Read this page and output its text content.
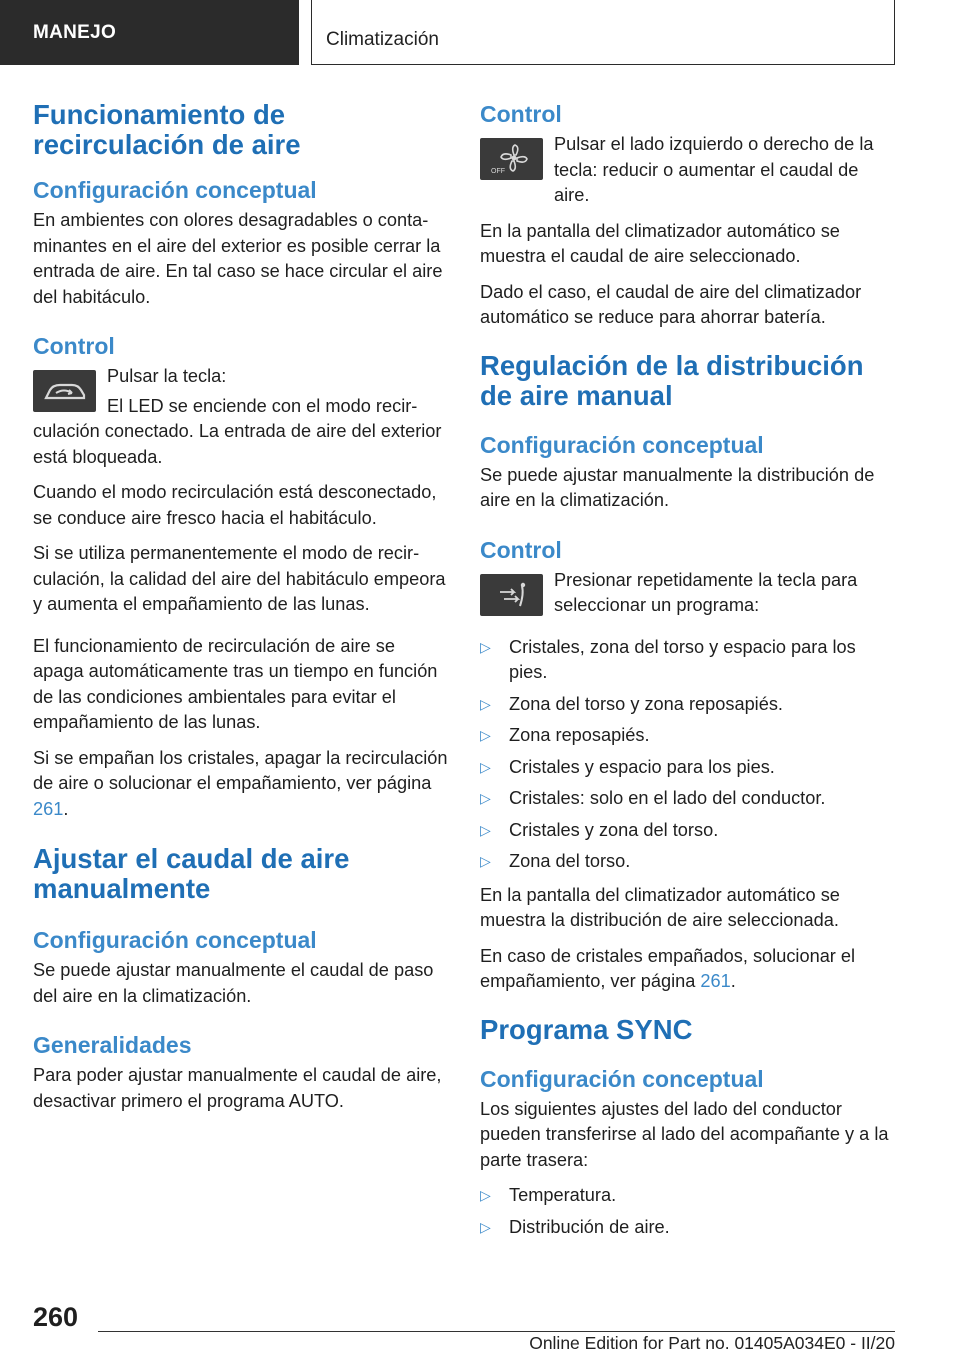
MANEJO	Climatización
Funcionamiento de recirculación de aire
Configuración conceptual

En ambientes con olores desagradables o contaminantes en el aire del exterior es posible cerrar la entrada de aire. En tal caso se hace circular el aire del habitáculo.

Control

Pulsar la tecla:

El LED se enciende con el modo recirculación conectado. La entrada de aire del exterior está bloqueada.

Cuando el modo recirculación está desconectado, se conduce aire fresco hacia el habitáculo.

Si se utiliza permanentemente el modo de recirculación, la calidad del aire del habitáculo empeora y aumenta el empañamiento de las lunas.

El funcionamiento de recirculación de aire se apaga automáticamente tras un tiempo en función de las condiciones ambientales para evitar el empañamiento de las lunas.

Si se empañan los cristales, apagar la recirculación de aire o solucionar el empañamiento, ver página 261.

Ajustar el caudal de aire manualmente
Configuración conceptual

Se puede ajustar manualmente el caudal de paso del aire en la climatización.

Generalidades

Para poder ajustar manualmente el caudal de aire, desactivar primero el programa AUTO.

Control
OFF

Pulsar el lado izquierdo o derecho de la tecla: reducir o aumentar el caudal de aire.

En la pantalla del climatizador automático se muestra el caudal de aire seleccionado.

Dado el caso, el caudal de aire del climatizador automático se reduce para ahorrar batería.

Regulación de la distribución de aire manual
Configuración conceptual

Se puede ajustar manualmente la distribución de aire en la climatización.

Control

Presionar repetidamente la tecla para seleccionar un programa:

▷ Cristales, zona del torso y espacio para los pies.
▷ Zona del torso y zona reposapiés.
▷ Zona reposapiés.
▷ Cristales y espacio para los pies.
▷ Cristales: solo en el lado del conductor.
▷ Cristales y zona del torso.
▷ Zona del torso.

En la pantalla del climatizador automático se muestra la distribución de aire seleccionada.

En caso de cristales empañados, solucionar el empañamiento, ver página 261.

Programa SYNC
Configuración conceptual

Los siguientes ajustes del lado del conductor pueden transferirse al lado del acompañante y a la parte trasera:

▷ Temperatura.
▷ Distribución de aire.
260
Online Edition for Part no. 01405A034E0 - II/20
